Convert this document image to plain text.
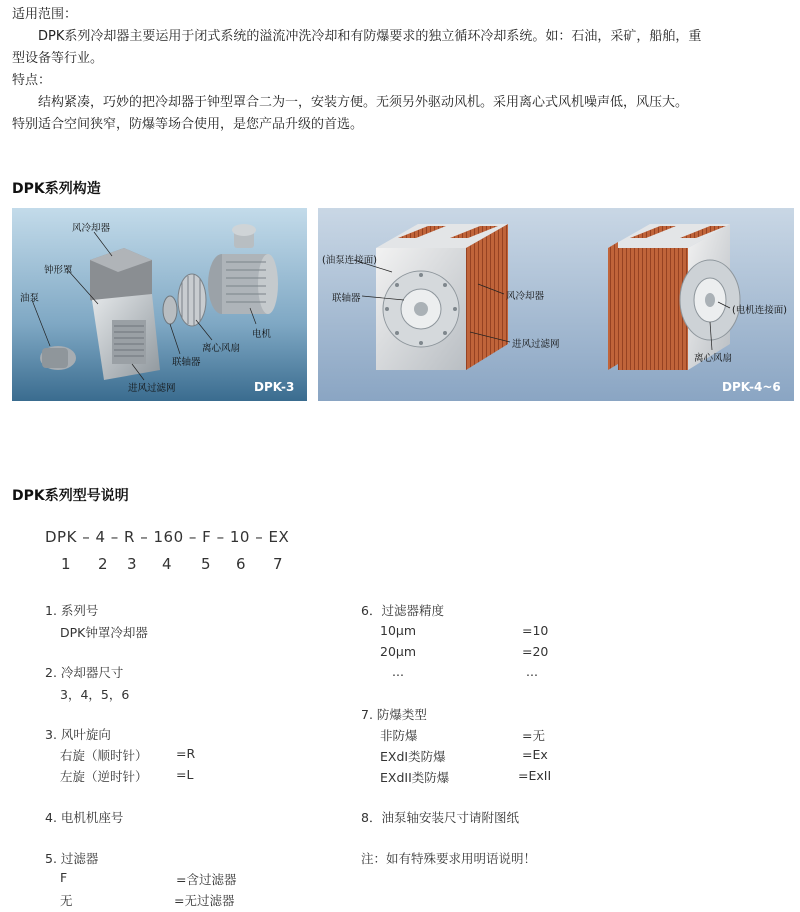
适用范围：
DPK系列冷却器主要运用于闭式系统的溢流冲洗冷却和有防爆要求的独立循环冷却系统。如：石油，采矿，船舶，重
型设备等行业。
特点：
结构紧凑，巧妙的把冷却器于钟型罩合二为一，安装方便。无须另外驱动风机。采用离心式风机噪声低，风压大。
特别适合空间狭窄，防爆等场合使用，是您产品升级的首选。
DPK系列构造
风冷却器
钟形罩
油泵
电机
离心风扇
联轴器
进风过滤网	DPK-3
(油泵连接面)
联轴器	风冷却器
进风过滤网
(电机连接面)
离心风扇
DPK-4~6
DPK系列型号说明
DPK – 4 – R – 160 – F – 10 – EX
1 2 3 4 5 6 7
1. 系列号
DPK钟罩冷却器
2. 冷却器尺寸
3，4，5，6
3. 风叶旋向
右旋（顺时针） =R
左旋（逆时针） =L
4. 电机机座号
5. 过滤器
F	=含过滤器
无	=无过滤器
6．过滤器精度
10μm	=10
20μm	=20
...	...
7. 防爆类型
非防爆	=无
EXdI类防爆	=Ex
EXdII类防爆	=ExII
8．油泵轴安装尺寸请附图纸
注：如有特殊要求用明语说明！
